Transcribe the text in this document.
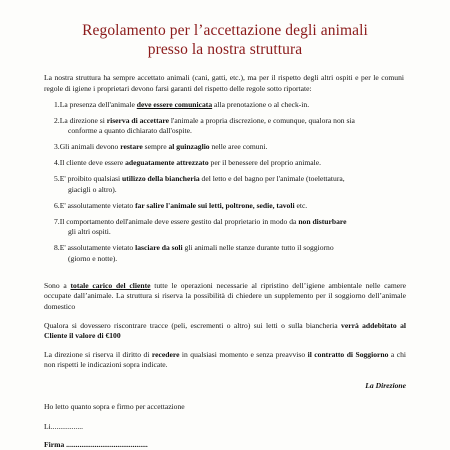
Regolamento per l’accettazione degli animali
presso la nostra struttura
La nostra struttura ha sempre accettato animali (cani, gatti, etc.), ma per il rispetto degli altri ospiti e per le comuni regole di igiene i proprietari devono farsi garanti del rispetto delle regole sotto riportate:
1.La presenza dell'animale deve essere comunicata alla prenotazione o al check-in.
2.La direzione si riserva di accettare l'animale a propria discrezione, e comunque, qualora non sia
conforme a quanto dichiarato dall'ospite.
3.Gli animali devono restare sempre al guinzaglio nelle aree comuni.
4.Il cliente deve essere adeguatamente attrezzato per il benessere del proprio animale.
5.E' proibito qualsiasi utilizzo della biancheria del letto e del bagno per l'animale (toelettatura,
giacigli o altro).
6.E' assolutamente vietato far salire l'animale sui letti, poltrone, sedie, tavoli etc.
7.Il comportamento dell'animale deve essere gestito dal proprietario in modo da non disturbare
gli altri ospiti.
8.E' assolutamente vietato lasciare da soli gli animali nelle stanze durante tutto il soggiorno
(giorno e notte).
Sono a totale carico del cliente tutte le operazioni necessarie al ripristino dell’igiene ambientale nelle camere occupate dall’animale. La struttura si riserva la possibilità di chiedere un supplemento per il soggiorno dell’animale domestico
Qualora si dovessero riscontrare tracce (peli, escrementi o altro) sui letti o sulla biancheria verrà addebitato al Cliente il valore di €100
La direzione si riserva il diritto di recedere in qualsiasi momento e senza preavviso il contratto di Soggiorno a chi non rispetti le indicazioni sopra indicate.
La Direzione
Ho letto quanto sopra e firmo per accettazione
Li.................
Firma ...........................................
